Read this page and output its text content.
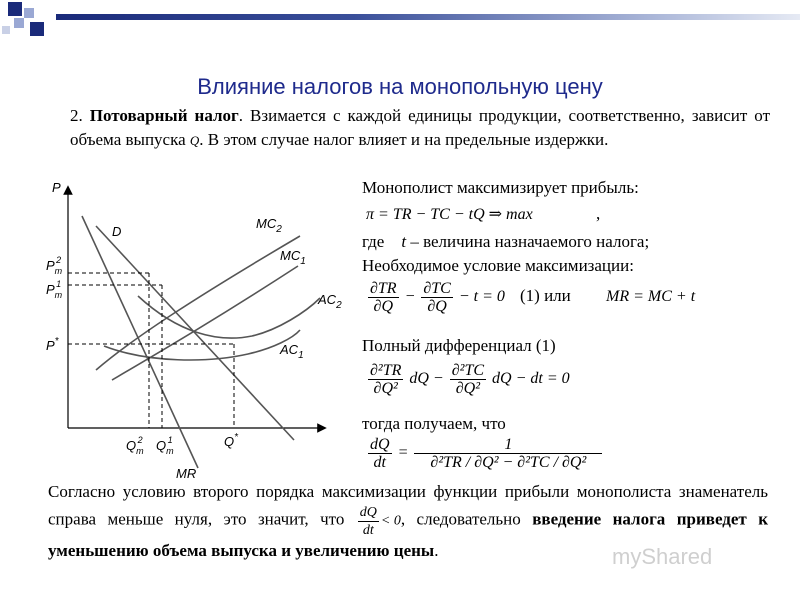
Влияние налогов на монопольную цену
2. Потоварный налог. Взимается с каждой единицы продукции, соответственно, зависит от объема выпуска Q. В этом случае налог влияет и на предельные издержки.
P
D
$MC_2$
$MC_1$
$AC_2$
$AC_1$
$P_m2$
$P_m1$
P*
$Q_m2$ $Q_m1$	Q*
MR
Монополист максимизирует прибыль:
π = TR − TC − tQ ⇒ max	,
где t – величина назначаемого налога;
Необходимое условие максимизации:
$\frac{\partial TR}{\partial Q} - \frac{\partial TC}{\partial Q} - t = 0$ (1) или MR = MC + t
Полный дифференциал (1)
$\frac{\text{∂²TR}}{\text{∂Q²}}$ dQ − $\frac{\text{∂²TC}}{\text{∂Q²}}$ dQ − dt = 0
тогда получаем, что
$\frac{dQ}{dt} = \frac{1}{\text{∂²TR / ∂Q² − ∂²TC / ∂Q²}}$
Согласно условию второго порядка максимизации функции прибыли монополиста знаменатель справа меньше нуля, это значит, что $\frac{dQ}{dt} < 0$, следовательно введение налога приведет к уменьшению объема выпуска и увеличению цены.	myShared
